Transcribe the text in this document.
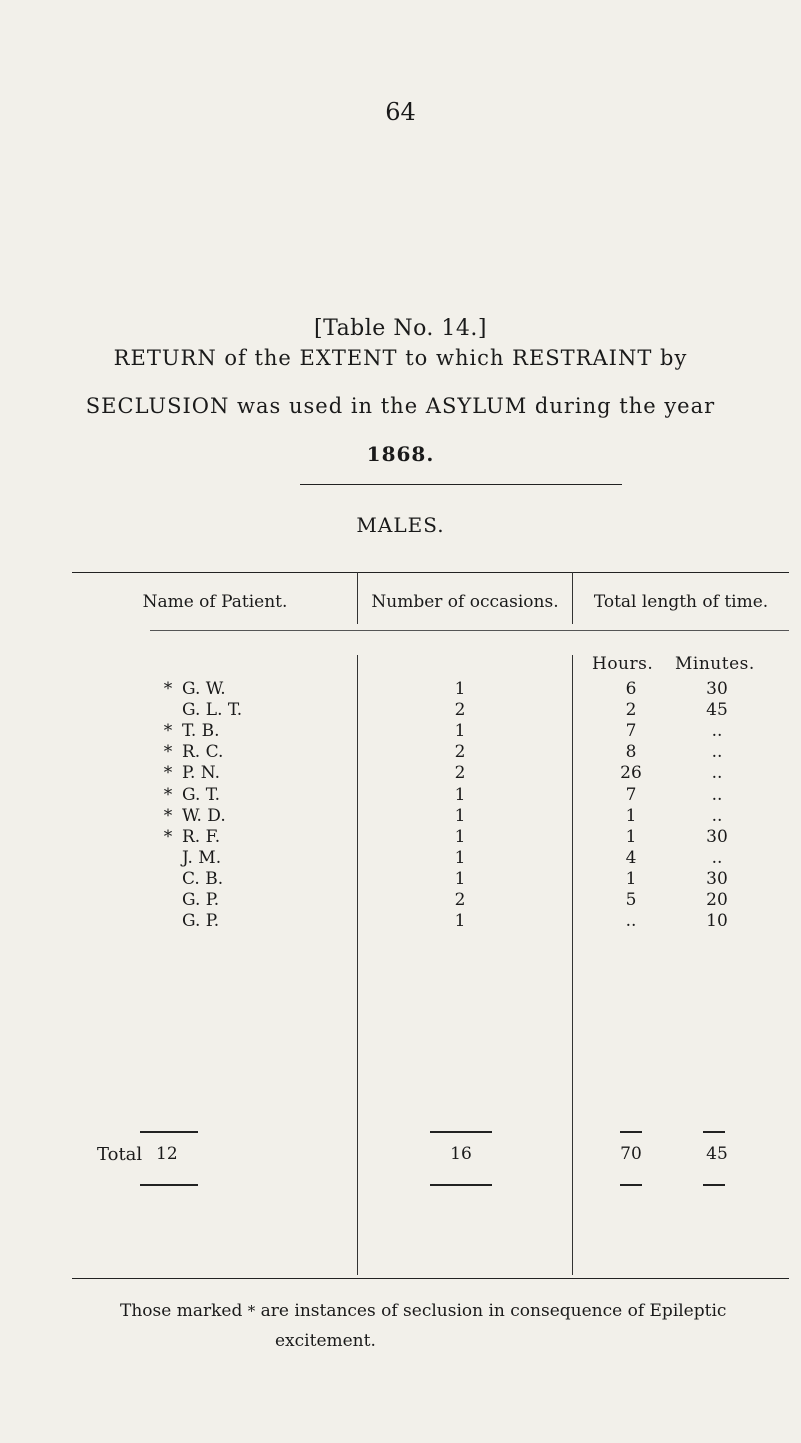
64
[Table No. 14.]
RETURN of the EXTENT to which RESTRAINT by
SECLUSION was used in the ASYLUM during the year
1868.
MALES.
Name of Patient.	Number of occasions.	Total length of time.
Hours. Minutes.
* G. W.	1	6	30
G. L. T.	2	2	45
* T. B.	1	7	..
* R. C.	2	8	..
* P. N.	2	26	..
* G. T.	1	7	..
* W. D.	1	1	..
* R. F.	1	1	30
J. M.	1	4	..
C. B.	1	1	30
G. P.	2	5	20
G. P.	1	..	10
Total 12	16	70	45
Those marked * are instances of seclusion in consequence of Epileptic
excitement.
